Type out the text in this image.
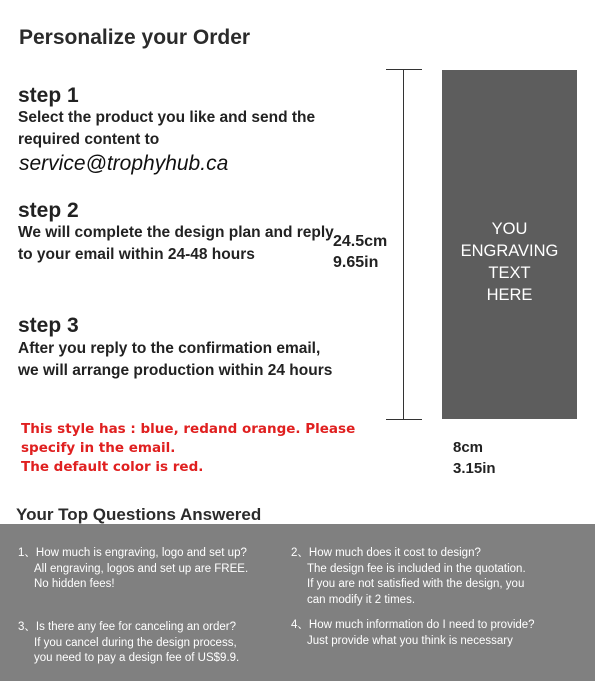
Personalize your Order
step 1
Select the product you like and send the required content to
service@trophyhub.ca
step 2
We will complete the design plan and reply to your email within 24-48 hours
step 3
After you reply to the confirmation email, we will arrange production within 24 hours
This style has : blue, redand orange. Please specify in the email.
The default color is red.
24.5cm
9.65in
YOU
ENGRAVING
TEXT
HERE
8cm
3.15in
Your Top Questions Answered
1、How much is engraving, logo and set up?
All engraving, logos and set up are FREE.
No hidden fees!
2、How much does it cost to design?
The design fee is included in the quotation.
If you are not satisfied with the design, you
can modify it 2 times.
3、Is there any fee for canceling an order?
If you cancel during the design process,
you need to pay a design fee of US$9.9.
4、How much information do I need to provide?
Just provide what you think is necessary
